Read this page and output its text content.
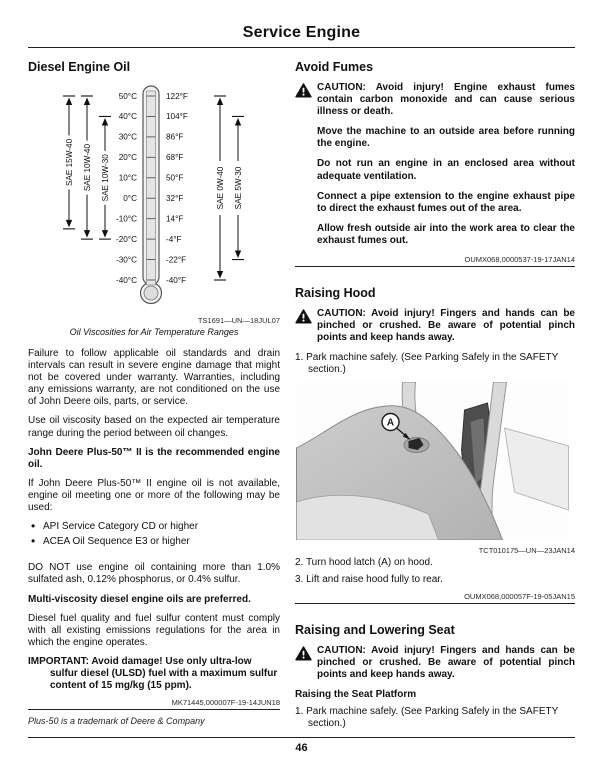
Service Engine
Diesel Engine Oil
50°C	122°F
40°C	104°F
30°C	86°F
20°C	68°F
10°C	50°F
0°C	32°F
-10°C	14°F
-20°C	-4°F
-30°C	-22°F
-40°C	-40°F
SAE 15W-40 SAE 10W-40 SAE 10W-30	SAE 0W-40 SAE 5W-30
TS1691—UN—18JUL07
Oil Viscosities for Air Temperature Ranges

Failure to follow applicable oil standards and drain intervals can result in severe engine damage that might not be covered under warranty. Warranties, including any emissions warranty, are not conditioned on the use of John Deere oils, parts, or service.

Use oil viscosity based on the expected air temperature range during the period between oil changes.

John Deere Plus-50™ II is the recommended engine oil.

If John Deere Plus-50™ II engine oil is not available, engine oil meeting one or more of the following may be used:

• API Service Category CD or higher
• ACEA Oil Sequence E3 or higher

DO NOT use engine oil containing more than 1.0% sulfated ash, 0.12% phosphorus, or 0.4% sulfur.

Multi-viscosity diesel engine oils are preferred.

Diesel fuel quality and fuel sulfur content must comply with all existing emissions regulations for the area in which the engine operates.

IMPORTANT: Avoid damage! Use only ultra-low sulfur diesel (ULSD) fuel with a maximum sulfur content of 15 mg/kg (15 ppm).

MK71445,000007F-19-14JUN18
Avoid Fumes

CAUTION: Avoid injury! Engine exhaust fumes contain carbon monoxide and can cause serious illness or death.

Move the machine to an outside area before running the engine.

Do not run an engine in an enclosed area without adequate ventilation.

Connect a pipe extension to the engine exhaust pipe to direct the exhaust fumes out of the area.

Allow fresh outside air into the work area to clear the exhaust fumes out.

OUMX068,0000537-19-17JAN14
Raising Hood

CAUTION: Avoid injury! Fingers and hands can be pinched or crushed. Be aware of potential pinch points and keep hands away.

1. Park machine safely. (See Parking Safely in the SAFETY section.)

A
TCT010175—UN—23JAN14

2. Turn hood latch (A) on hood.

3. Lift and raise hood fully to rear.

OUMX068,000057F-19-05JAN15
Raising and Lowering Seat

CAUTION: Avoid injury! Fingers and hands can be pinched or crushed. Be aware of potential pinch points and keep hands away.

Raising the Seat Platform

1. Park machine safely. (See Parking Safely in the SAFETY section.)

Plus-50 is a trademark of Deere & Company
46
